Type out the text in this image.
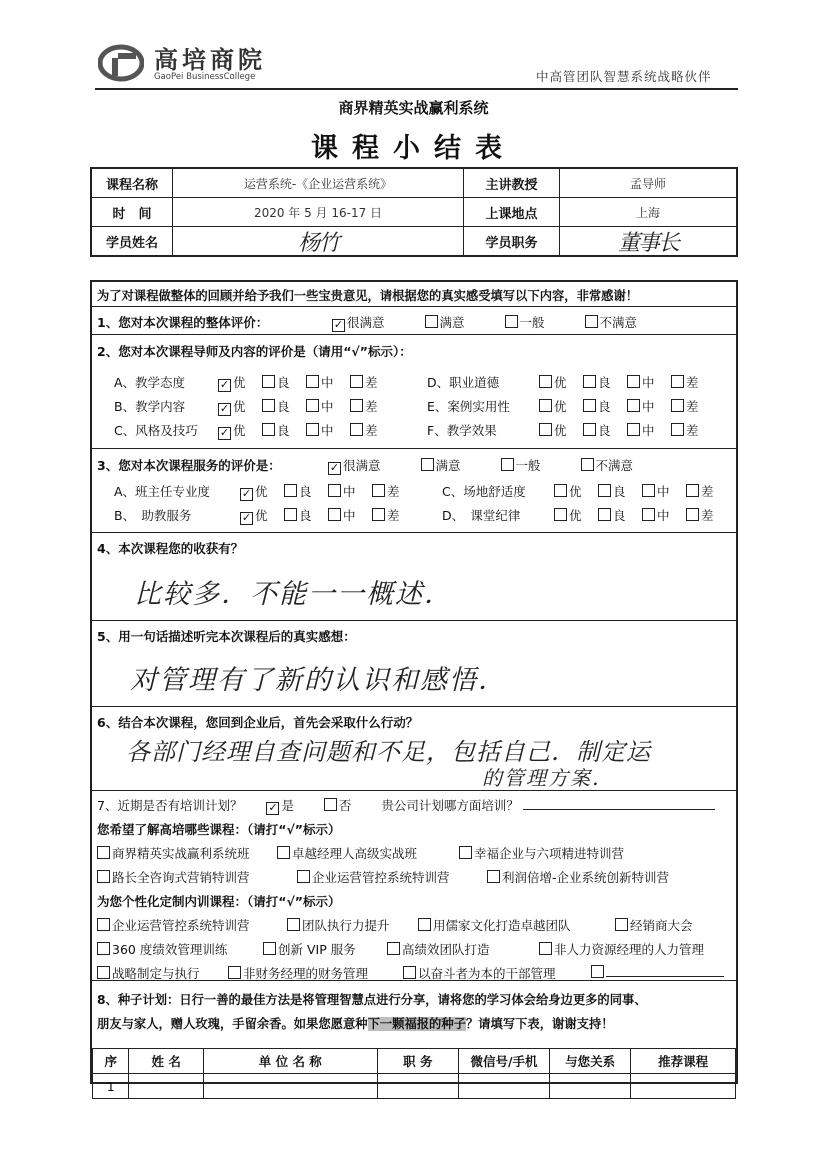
高培商院
GaoPei BusinessCollege	中高管团队智慧系统战略伙伴
商界精英实战赢利系统
课程小结表
课程名称	运营系统-《企业运营系统》	主讲教授	孟导师
时　间	2020 年 5 月 16-17 日	上课地点	上海
学员姓名	杨竹	学员职务	董事长
为了对课程做整体的回顾并给予我们一些宝贵意见，请根据您的真实感受填写以下内容，非常感谢！
1、您对本次课程的整体评价：	✓ 很满意	满意	一般	不满意
2、您对本次课程导师及内容的评价是（请用“√”标示）：
A、教学态度	✓ 优	良	中	差	D、职业道德	优	良	中	差
B、教学内容	✓ 优	良	中	差	E、案例实用性	优	良	中	差
C、风格及技巧 ✓ 优	良	中	差	F、教学效果	优	良	中	差
3、您对本次课程服务的评价是：	✓ 很满意	满意	一般	不满意
A、班主任专业度	✓ 优	良	中	差	C、场地舒适度	优	良	中	差
B、　助教服务	✓ 优	良	中	差	D、　课堂纪律	优	良	中	差
4、本次课程您的收获有？
比较多．不能一一概述．
5、用一句话描述听完本次课程后的真实感想：
对管理有了新的认识和感悟．
6、结合本次课程，您回到企业后，首先会采取什么行动？
各部门经理自查问题和不足，包括自己．制定运
的管理方案．
7、近期是否有培训计划？ ✓ 是	否 贵公司计划哪方面培训？
您希望了解高培哪些课程：（请打“√”标示）
商界精英实战赢利系统班	卓越经理人高级实战班	幸福企业与六项精进特训营
路长全咨询式营销特训营	企业运营管控系统特训营	利润倍增-企业系统创新特训营
为您个性化定制内训课程：（请打“√”标示）
企业运营管控系统特训营	团队执行力提升	用儒家文化打造卓越团队	经销商大会
360 度绩效管理训练	创新 VIP 服务	高绩效团队打造	非人力资源经理的人力管理
战略制定与执行	非财务经理的财务管理	以奋斗者为本的干部管理
8、种子计划：日行一善的最佳方法是将管理智慧点进行分享，请将您的学习体会给身边更多的同事、
朋友与家人，赠人玫瑰，手留余香。如果您愿意种下一颗福报的种子？请填写下表，谢谢支持！
序	姓 名	单 位 名 称	职 务	微信号/手机	与您关系	推荐课程
1						
